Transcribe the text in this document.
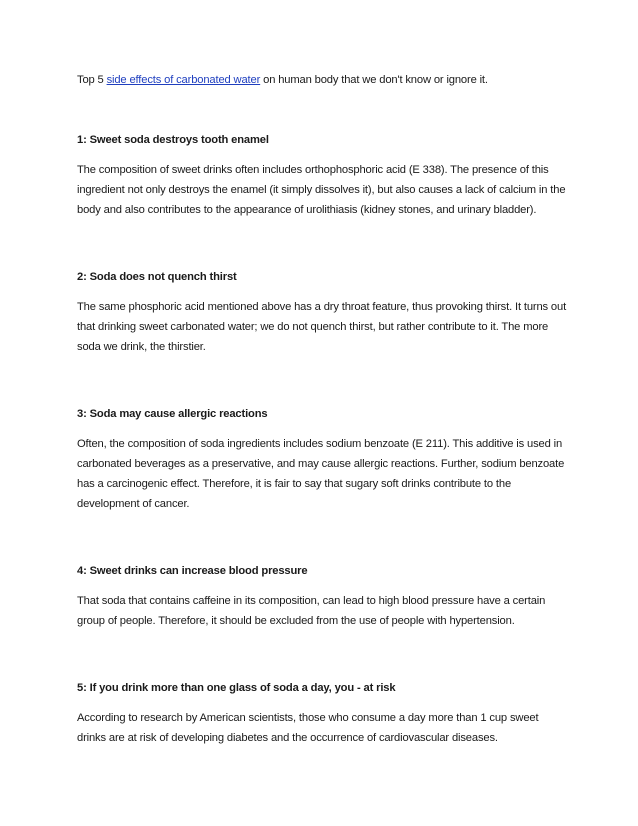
Top 5 side effects of carbonated water on human body that we don't know or ignore it.

1: Sweet soda destroys tooth enamel

The composition of sweet drinks often includes orthophosphoric acid (E 338). The presence of this ingredient not only destroys the enamel (it simply dissolves it), but also causes a lack of calcium in the body and also contributes to the appearance of urolithiasis (kidney stones, and urinary bladder).

2: Soda does not quench thirst

The same phosphoric acid mentioned above has a dry throat feature, thus provoking thirst. It turns out that drinking sweet carbonated water; we do not quench thirst, but rather contribute to it. The more soda we drink, the thirstier.

3: Soda may cause allergic reactions

Often, the composition of soda ingredients includes sodium benzoate (E 211). This additive is used in carbonated beverages as a preservative, and may cause allergic reactions. Further, sodium benzoate has a carcinogenic effect. Therefore, it is fair to say that sugary soft drinks contribute to the development of cancer.

4: Sweet drinks can increase blood pressure

That soda that contains caffeine in its composition, can lead to high blood pressure have a certain group of people. Therefore, it should be excluded from the use of people with hypertension.

5: If you drink more than one glass of soda a day, you - at risk

According to research by American scientists, those who consume a day more than 1 cup sweet drinks are at risk of developing diabetes and the occurrence of cardiovascular diseases.
